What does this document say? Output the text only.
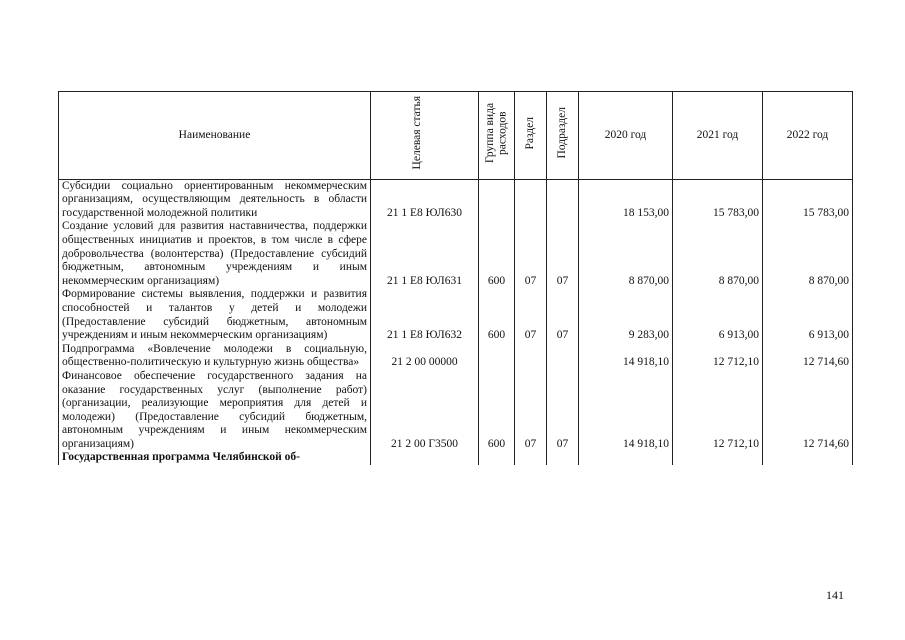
Наименование	Целевая статья	Группа вида расходов	Раздел	Подраздел	2020 год	2021 год	2022 год
Субсидии социально ориентированным некоммерческим организациям, осуществляющим деятельность в области государственной молодежной политики	21 1 Е8 ЮЛ630				18 153,00	15 783,00	15 783,00
Создание условий для развития наставничества, поддержки общественных инициатив и проектов, в том числе в сфере добровольчества (волонтерства) (Предоставление субсидий бюджетным, автономным учреждениям и иным некоммерческим организациям)	21 1 Е8 ЮЛ631	600	07	07	8 870,00	8 870,00	8 870,00
Формирование системы выявления, поддержки и развития способностей и талантов у детей и молодежи (Предоставление субсидий бюджетным, автономным учреждениям и иным некоммерческим организациям)	21 1 Е8 ЮЛ632	600	07	07	9 283,00	6 913,00	6 913,00
Подпрограмма «Вовлечение молодежи в социальную, общественно-политическую и культурную жизнь общества»	21 2 00 00000				14 918,10	12 712,10	12 714,60
Финансовое обеспечение государственного задания на оказание государственных услуг (выполнение работ) (организации, реализующие мероприятия для детей и молодежи) (Предоставление субсидий бюджетным, автономным учреждениям и иным некоммерческим организациям)	21 2 00 Г3500	600	07	07	14 918,10	12 712,10	12 714,60
Государственная программа Челябинской об-							
141
